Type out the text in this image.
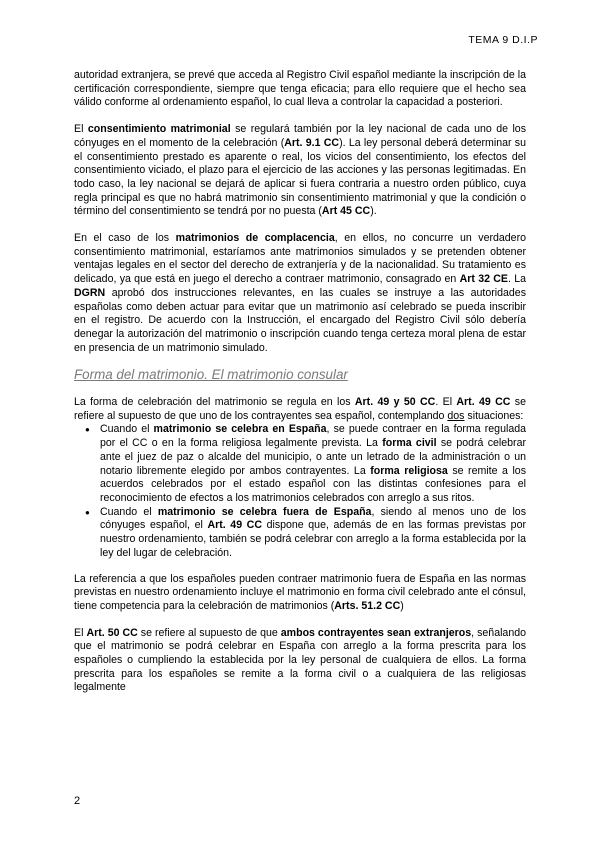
TEMA 9 D.I.P

autoridad extranjera, se prevé que acceda al Registro Civil español mediante la inscripción de la certificación correspondiente, siempre que tenga eficacia; para ello requiere que el hecho sea válido conforme al ordenamiento español, lo cual lleva a controlar la capacidad a posteriori.

El consentimiento matrimonial se regulará también por la ley nacional de cada uno de los cónyuges en el momento de la celebración (Art. 9.1 CC). La ley personal deberá determinar su el consentimiento prestado es aparente o real, los vicios del consentimiento, los efectos del consentimiento viciado, el plazo para el ejercicio de las acciones y las personas legitimadas. En todo caso, la ley nacional se dejará de aplicar si fuera contraria a nuestro orden público, cuya regla principal es que no habrá matrimonio sin consentimiento matrimonial y que la condición o término del consentimiento se tendrá por no puesta (Art 45 CC).

En el caso de los matrimonios de complacencia, en ellos, no concurre un verdadero consentimiento matrimonial, estaríamos ante matrimonios simulados y se pretenden obtener ventajas legales en el sector del derecho de extranjería y de la nacionalidad. Su tratamiento es delicado, ya que está en juego el derecho a contraer matrimonio, consagrado en Art 32 CE. La DGRN aprobó dos instrucciones relevantes, en las cuales se instruye a las autoridades españolas como deben actuar para evitar que un matrimonio así celebrado se pueda inscribir en el registro. De acuerdo con la Instrucción, el encargado del Registro Civil sólo debería denegar la autorización del matrimonio o inscripción cuando tenga certeza moral plena de estar en presencia de un matrimonio simulado.

Forma del matrimonio. El matrimonio consular

La forma de celebración del matrimonio se regula en los Art. 49 y 50 CC. El Art. 49 CC se refiere al supuesto de que uno de los contrayentes sea español, contemplando dos situaciones:

● Cuando el matrimonio se celebra en España, se puede contraer en la forma regulada por el CC o en la forma religiosa legalmente prevista. La forma civil se podrá celebrar ante el juez de paz o alcalde del municipio, o ante un letrado de la administración o un notario libremente elegido por ambos contrayentes. La forma religiosa se remite a los acuerdos celebrados por el estado español con las distintas confesiones para el reconocimiento de efectos a los matrimonios celebrados con arreglo a sus ritos.
● Cuando el matrimonio se celebra fuera de España, siendo al menos uno de los cónyuges español, el Art. 49 CC dispone que, además de en las formas previstas por nuestro ordenamiento, también se podrá celebrar con arreglo a la forma establecida por la ley del lugar de celebración.

La referencia a que los españoles pueden contraer matrimonio fuera de España en las normas previstas en nuestro ordenamiento incluye el matrimonio en forma civil celebrado ante el cónsul, tiene competencia para la celebración de matrimonios (Arts. 51.2 CC)

El Art. 50 CC se refiere al supuesto de que ambos contrayentes sean extranjeros, señalando que el matrimonio se podrá celebrar en España con arreglo a la forma prescrita para los españoles o cumpliendo la establecida por la ley personal de cualquiera de ellos. La forma prescrita para los españoles se remite a la forma civil o a cualquiera de las religiosas legalmente

2
